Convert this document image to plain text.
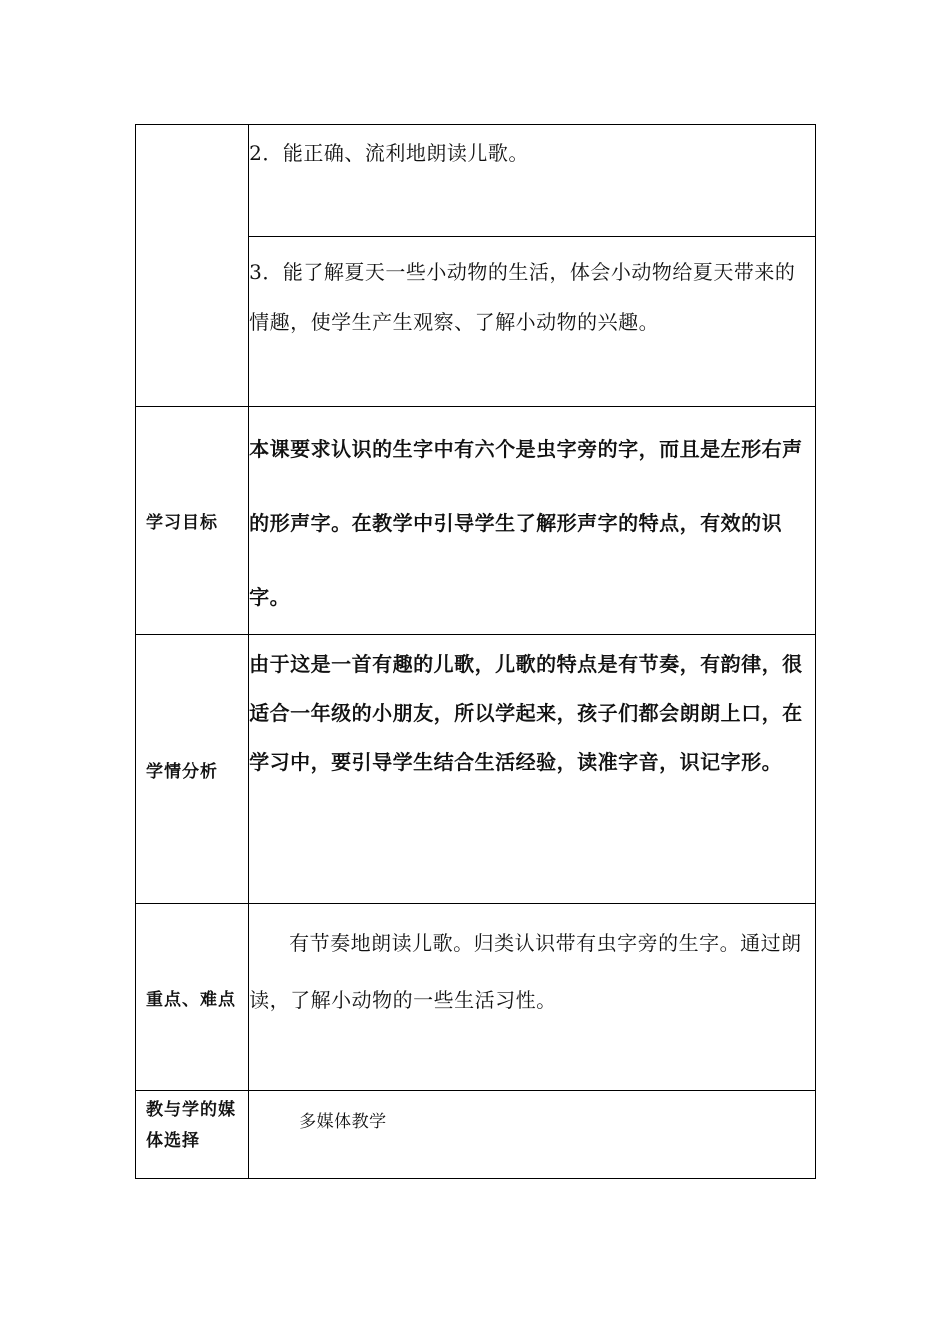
	2．能正确、流利地朗读儿歌。
	3．能了解夏天一些小动物的生活，体会小动物给夏天带来的情趣，使学生产生观察、了解小动物的兴趣。
学习目标	本课要求认识的生字中有六个是虫字旁的字，而且是左形右声的形声字。在教学中引导学生了解形声字的特点，有效的识字。
学情分析	由于这是一首有趣的儿歌，儿歌的特点是有节奏，有韵律，很适合一年级的小朋友，所以学起来，孩子们都会朗朗上口，在学习中，要引导学生结合生活经验，读准字音，识记字形。
重点、难点	有节奏地朗读儿歌。归类认识带有虫字旁的生字。通过朗读，了解小动物的一些生活习性。
教与学的媒体选择	多媒体教学
